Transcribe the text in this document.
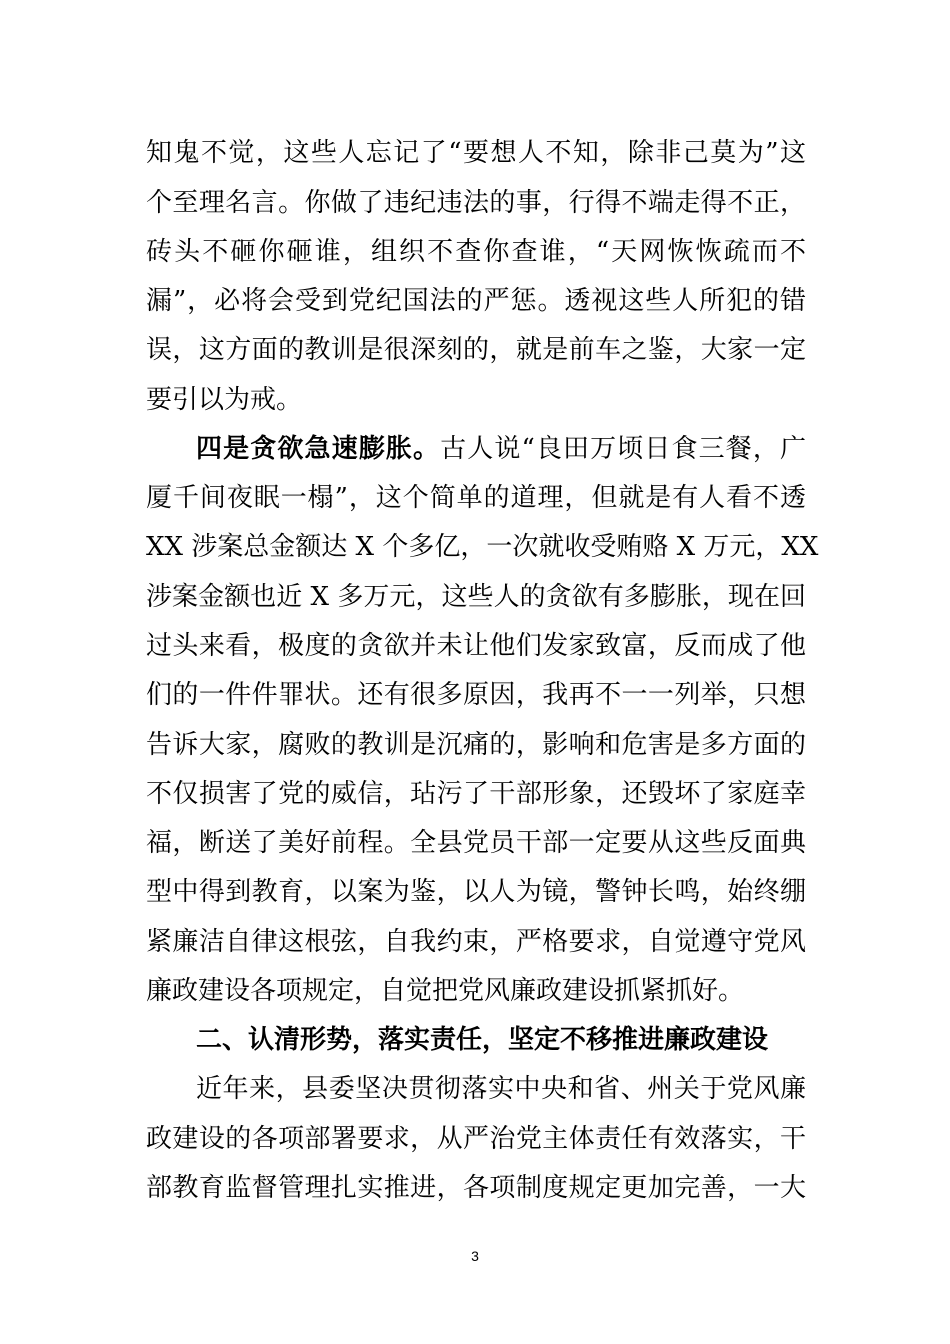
知鬼不觉，这些人忘记了“要想人不知，除非己莫为”这
个至理名言。你做了违纪违法的事，行得不端走得不正，
砖头不砸你砸谁，组织不查你查谁，“天网恢恢疏而不
漏”，必将会受到党纪国法的严惩。透视这些人所犯的错
误，这方面的教训是很深刻的，就是前车之鉴，大家一定
要引以为戒。
四是贪欲急速膨胀。古人说“良田万顷日食三餐，广
厦千间夜眠一榻”，这个简单的道理，但就是有人看不透
XX 涉案总金额达 X 个多亿，一次就收受贿赂 X 万元，XX
涉案金额也近 X 多万元，这些人的贪欲有多膨胀，现在回
过头来看，极度的贪欲并未让他们发家致富，反而成了他
们的一件件罪状。还有很多原因，我再不一一列举，只想
告诉大家，腐败的教训是沉痛的，影响和危害是多方面的
不仅损害了党的威信，玷污了干部形象，还毁坏了家庭幸
福，断送了美好前程。全县党员干部一定要从这些反面典
型中得到教育，以案为鉴，以人为镜，警钟长鸣，始终绷
紧廉洁自律这根弦，自我约束，严格要求，自觉遵守党风
廉政建设各项规定，自觉把党风廉政建设抓紧抓好。
二、认清形势，落实责任，坚定不移推进廉政建设
近年来，县委坚决贯彻落实中央和省、州关于党风廉
政建设的各项部署要求，从严治党主体责任有效落实，干
部教育监督管理扎实推进，各项制度规定更加完善，一大
3
